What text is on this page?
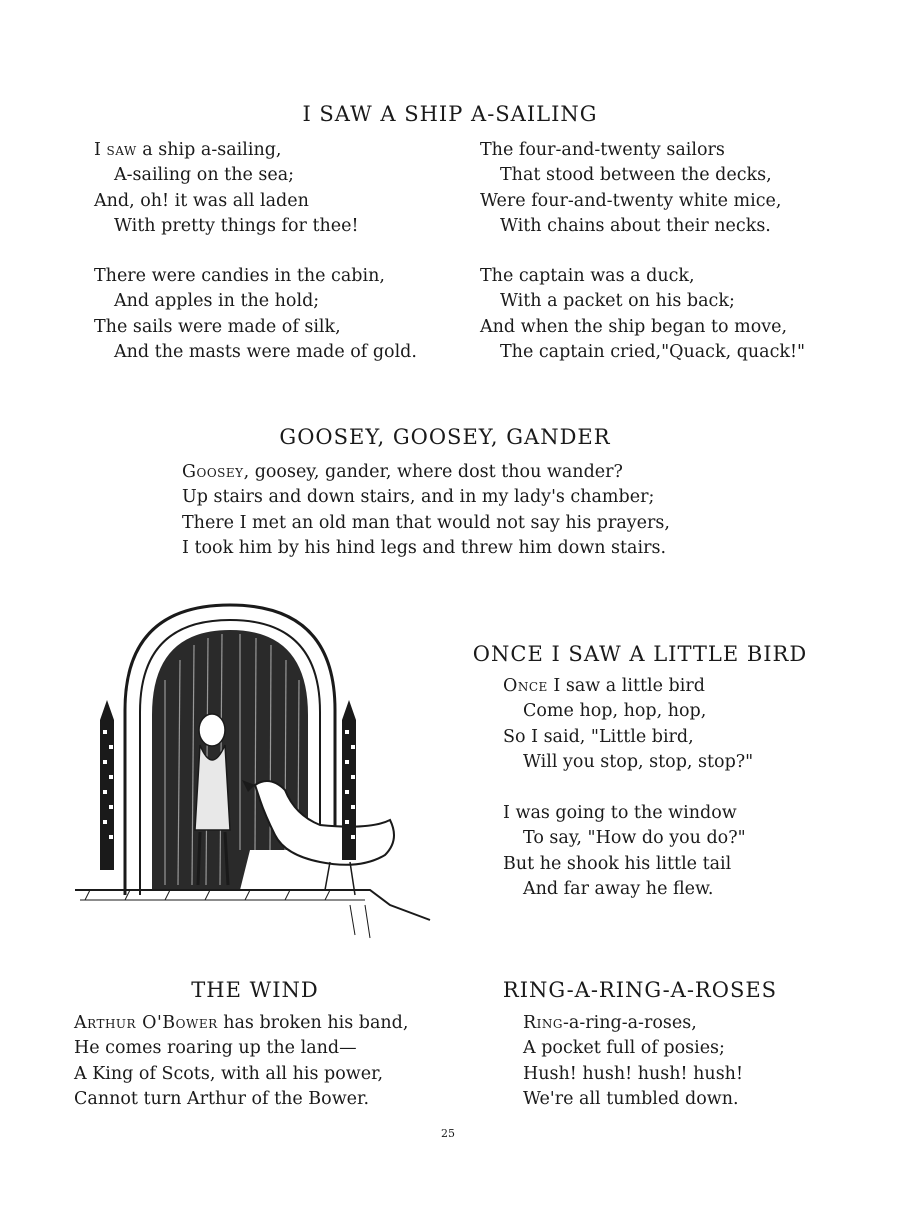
I SAW A SHIP A-SAILING
I saw a ship a-sailing,
A-sailing on the sea;
And, oh! it was all laden
With pretty things for thee!
There were candies in the cabin,
And apples in the hold;
The sails were made of silk,
And the masts were made of gold.
The four-and-twenty sailors
That stood between the decks,
Were four-and-twenty white mice,
With chains about their necks.
The captain was a duck,
With a packet on his back;
And when the ship began to move,
The captain cried,"Quack, quack!"
GOOSEY, GOOSEY, GANDER
Goosey, goosey, gander, where dost thou wander?
Up stairs and down stairs, and in my lady's chamber;
There I met an old man that would not say his prayers,
I took him by his hind legs and threw him down stairs.
ONCE I SAW A LITTLE BIRD
Once I saw a little bird
Come hop, hop, hop,
So I said, "Little bird,
Will you stop, stop, stop?"
I was going to the window
To say, "How do you do?"
But he shook his little tail
And far away he flew.
THE WIND
Arthur O'Bower has broken his band,
He comes roaring up the land—
A King of Scots, with all his power,
Cannot turn Arthur of the Bower.
RING-A-RING-A-ROSES
Ring-a-ring-a-roses,
A pocket full of posies;
Hush! hush! hush! hush!
We're all tumbled down.
25
